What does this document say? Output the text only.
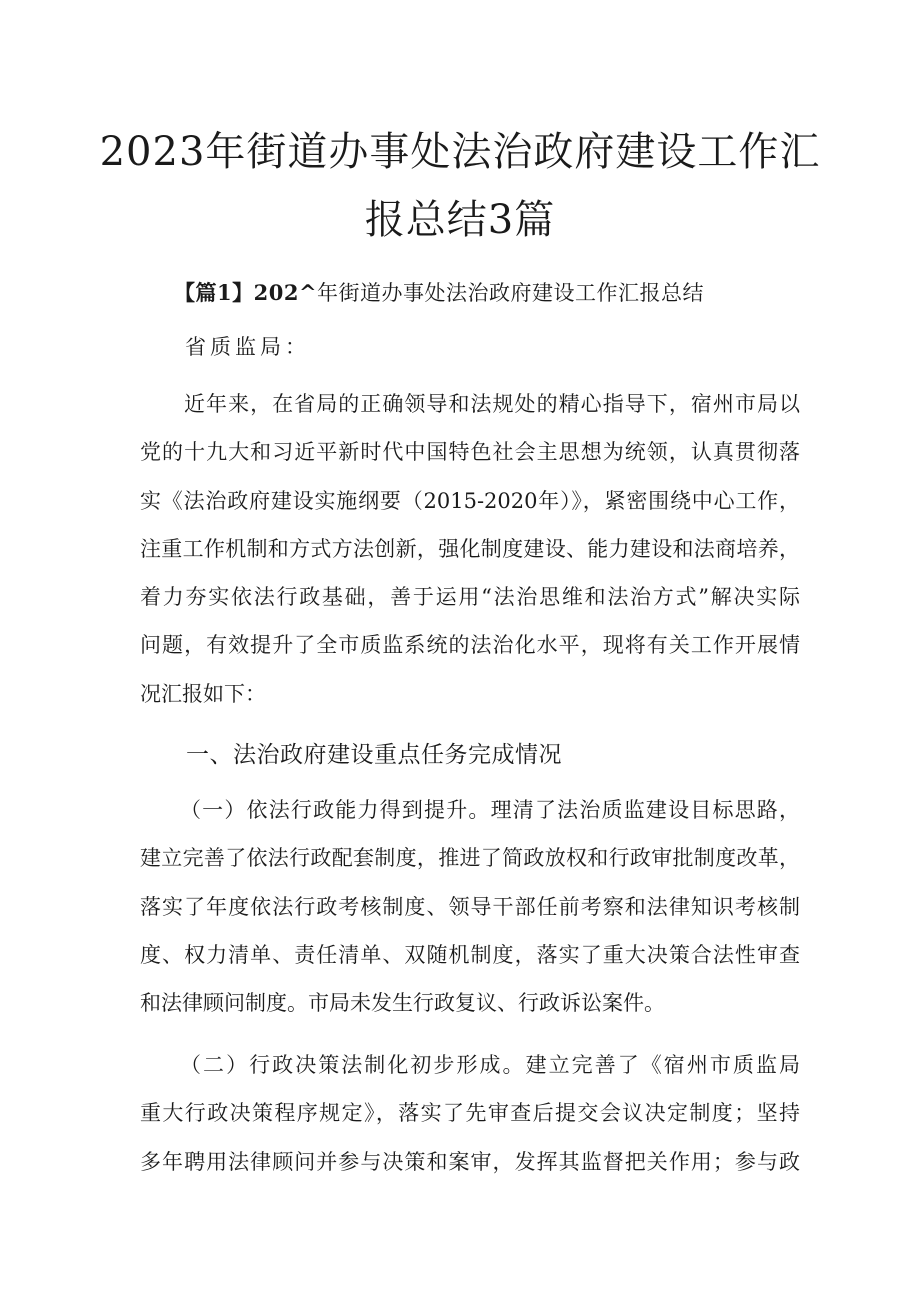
2023年街道办事处法治政府建设工作汇
报总结3篇
【篇1】202^年街道办事处法治政府建设工作汇报总结
省质监局：
近年来，在省局的正确领导和法规处的精心指导下，宿州市局以
党的十九大和习近平新时代中国特色社会主思想为统领，认真贯彻落
实《法治政府建设实施纲要（2015-2020年）》，紧密围绕中心工作，
注重工作机制和方式方法创新，强化制度建设、能力建设和法商培养，
着力夯实依法行政基础，善于运用“法治思维和法治方式”解决实际
问题，有效提升了全市质监系统的法治化水平，现将有关工作开展情
况汇报如下：
一、法治政府建设重点任务完成情况
（一）依法行政能力得到提升。理清了法治质监建设目标思路，
建立完善了依法行政配套制度，推进了简政放权和行政审批制度改革，
落实了年度依法行政考核制度、领导干部任前考察和法律知识考核制
度、权力清单、责任清单、双随机制度，落实了重大决策合法性审查
和法律顾问制度。市局未发生行政复议、行政诉讼案件。
（二）行政决策法制化初步形成。建立完善了《宿州市质监局
重大行政决策程序规定》，落实了先审查后提交会议决定制度；坚持
多年聘用法律顾问并参与决策和案审，发挥其监督把关作用；参与政
